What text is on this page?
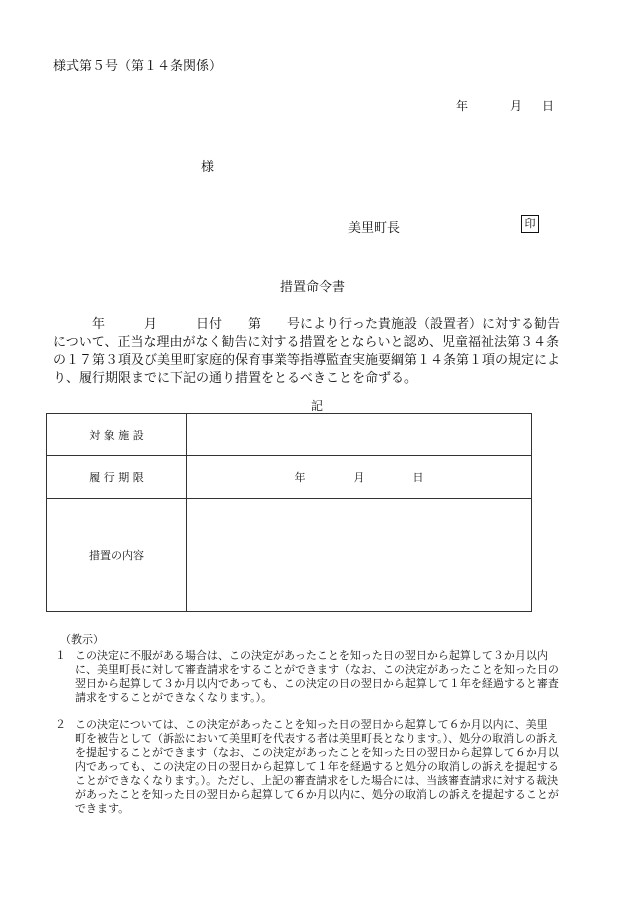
様式第５号（第１４条関係）
年	月 日
様
美里町長	印
措置命令書
　　　年　　　月　　　日付　　第　　号により行った貴施設（設置者）に対する勧告
について、正当な理由がなく勧告に対する措置をとならいと認め、児童福祉法第３４条
の１７第３項及び美里町家庭的保育事業等指導監査実施要綱第１４条第１項の規定によ
り、履行期限までに下記の通り措置をとるべきことを命ずる。
記
対 象 施 設	
履 行 期 限	年 月 日
措置の内容	
（教示）
１ この決定に不服がある場合は、この決定があったことを知った日の翌日から起算して３か月以内
に、美里町長に対して審査請求をすることができます（なお、この決定があったことを知った日の
翌日から起算して３か月以内であっても、この決定の日の翌日から起算して１年を経過すると審査
請求をすることができなくなります。）。
２ この決定については、この決定があったことを知った日の翌日から起算して６か月以内に、美里
町を被告として（訴訟において美里町を代表する者は美里町長となります。）、処分の取消しの訴え
を提起することができます（なお、この決定があったことを知った日の翌日から起算して６か月以
内であっても、この決定の日の翌日から起算して１年を経過すると処分の取消しの訴えを提起する
ことができなくなります。）。ただし、上記の審査請求をした場合には、当該審査請求に対する裁決
があったことを知った日の翌日から起算して６か月以内に、処分の取消しの訴えを提起することが
できます。
